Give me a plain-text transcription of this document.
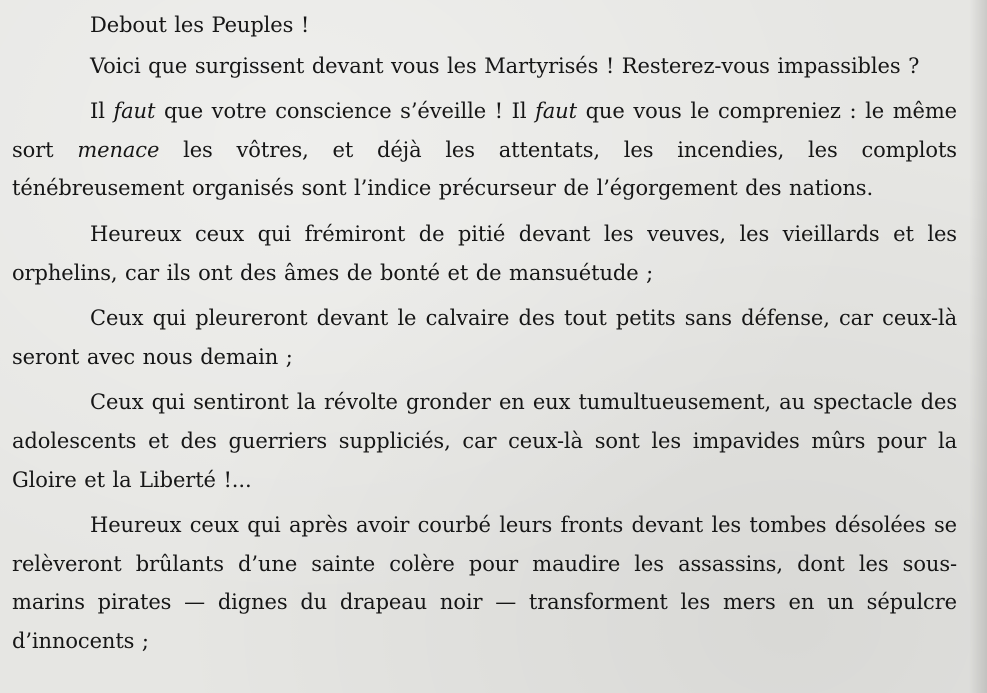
Debout les Peuples !

Voici que surgissent devant vous les Martyrisés ! Resterez-vous impassibles ?

Il faut que votre conscience s’éveille ! Il faut que vous le compreniez : le même sort menace les vôtres, et déjà les attentats, les incendies, les complots ténébreusement organisés sont l’indice précurseur de l’égorgement des nations.

Heureux ceux qui frémiront de pitié devant les veuves, les vieillards et les orphelins, car ils ont des âmes de bonté et de mansuétude ;

Ceux qui pleureront devant le calvaire des tout petits sans défense, car ceux-là seront avec nous demain ;

Ceux qui sentiront la révolte gronder en eux tumultueusement, au spectacle des adolescents et des guerriers suppliciés, car ceux-là sont les impavides mûrs pour la Gloire et la Liberté !...

Heureux ceux qui après avoir courbé leurs fronts devant les tombes désolées se relèveront brûlants d’une sainte colère pour maudire les assassins, dont les sous-marins pirates — dignes du drapeau noir — transforment les mers en un sépulcre d’innocents ;
